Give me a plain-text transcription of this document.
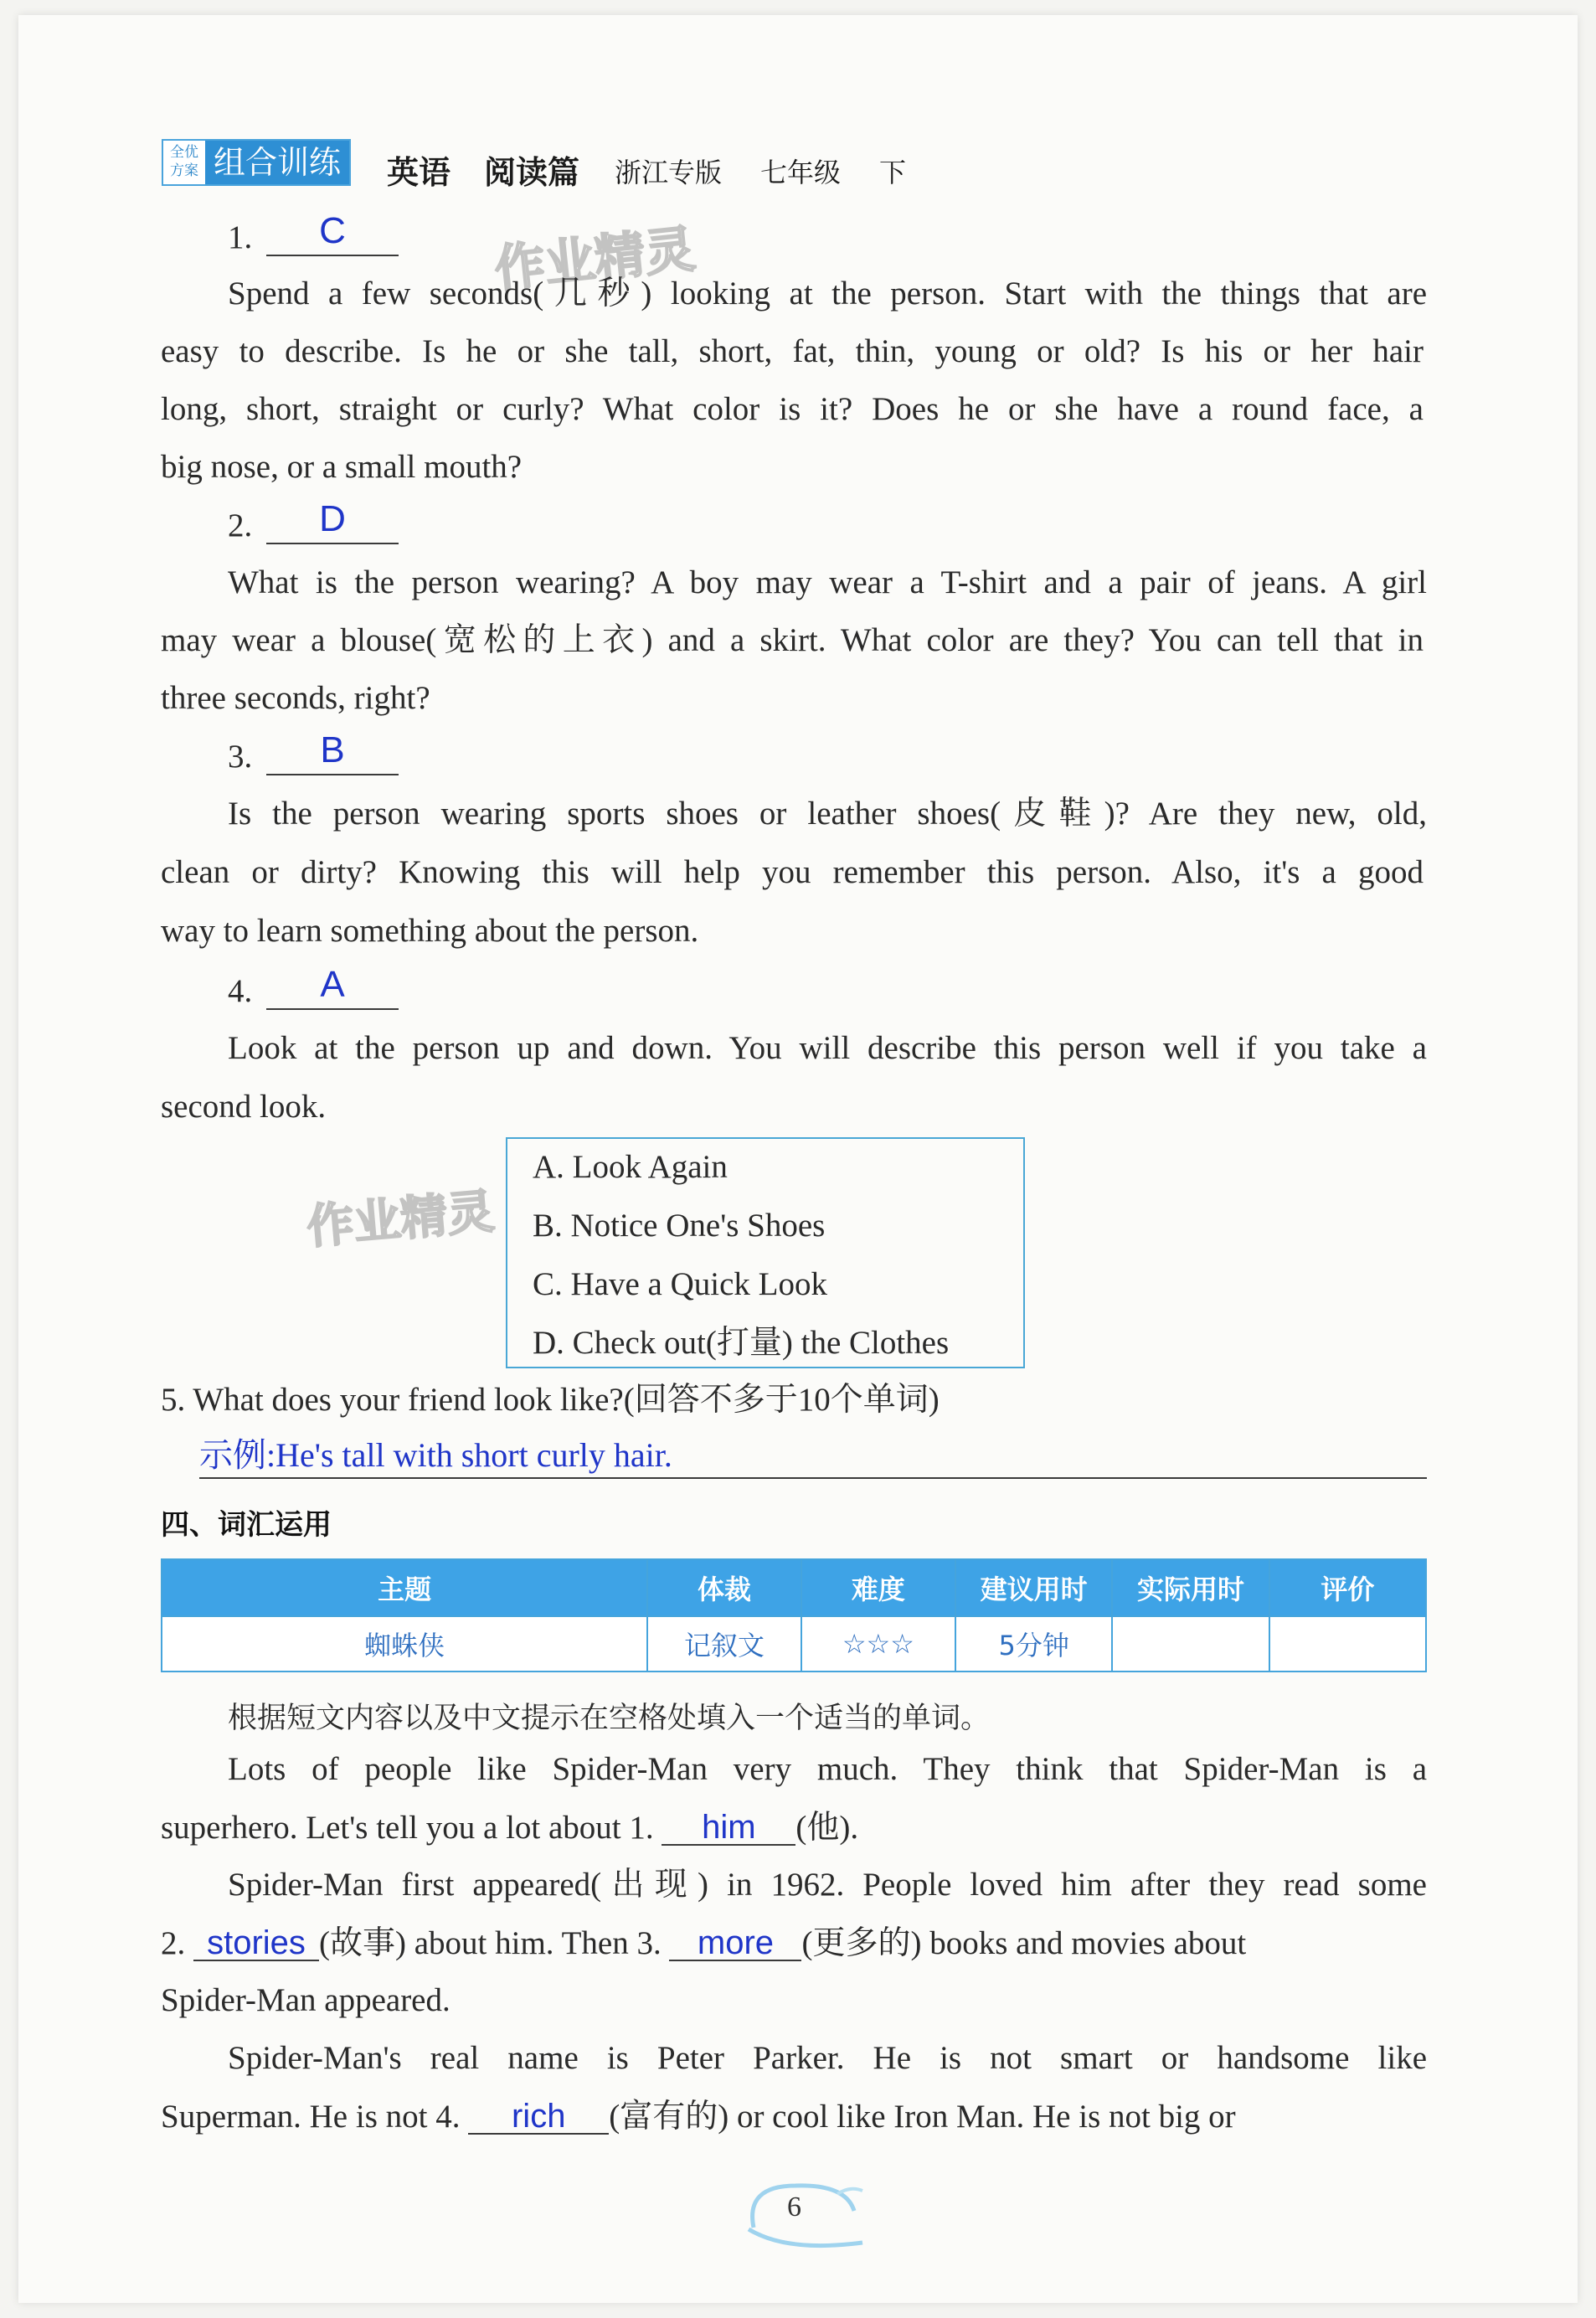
全优
方案 组合训练 英语 阅读篇 浙江专版 七年级 下
作业精灵
作业精灵
1.	C
Spend a few seconds(几秒) looking at the person. Start with the things that are
easy to describe. Is he or she tall, short, fat, thin, young or old? Is his or her hair
long, short, straight or curly? What color is it? Does he or she have a round face, a
big nose, or a small mouth?
2.	D
What is the person wearing? A boy may wear a T-shirt and a pair of jeans. A girl
may wear a blouse(宽松的上衣) and a skirt. What color are they? You can tell that in
three seconds, right?
3.	B
Is the person wearing sports shoes or leather shoes(皮鞋)? Are they new, old,
clean or dirty? Knowing this will help you remember this person. Also, it's a good
way to learn something about the person.
4.	A
Look at the person up and down. You will describe this person well if you take a
second look.
A. Look Again
B. Notice One's Shoes
C. Have a Quick Look
D. Check out(打量) the Clothes
5. What does your friend look like?(回答不多于10个单词)
示例:He's tall with short curly hair.
四、词汇运用
主题	体裁	难度	建议用时	实际用时	评价
蜘蛛侠	记叙文	☆☆☆	5分钟		
根据短文内容以及中文提示在空格处填入一个适当的单词。
Lots of people like Spider-Man very much. They think that Spider-Man is a
superhero. Let's tell you a lot about 1. him (他).
Spider-Man first appeared(出现) in 1962. People loved him after they read some
2. stories (故事) about him. Then 3. more (更多的) books and movies about
Spider-Man appeared.
Spider-Man's real name is Peter Parker. He is not smart or handsome like
Superman. He is not 4. rich (富有的) or cool like Iron Man. He is not big or
6
